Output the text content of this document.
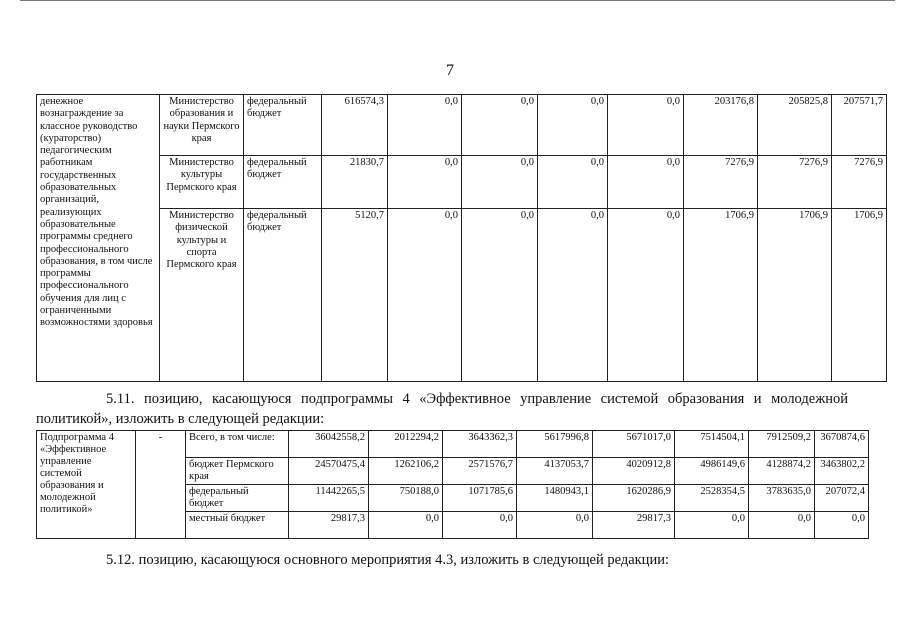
7
денежное вознаграждение за классное руководство (кураторство) педагогическим работникам государственных образовательных организаций, реализующих образовательные программы среднего профессионального образования, в том числе программы профессионального обучения для лиц с ограниченными возможностями здоровья	Министерство образования и науки Пермского края	федеральный бюджет	616574,3	0,0	0,0	0,0	0,0	203176,8	205825,8	207571,7
	Министерство культуры Пермского края	федеральный бюджет	21830,7	0,0	0,0	0,0	0,0	7276,9	7276,9	7276,9
	Министерство физической культуры и спорта Пермского края	федеральный бюджет	5120,7	0,0	0,0	0,0	0,0	1706,9	1706,9	1706,9
5.11. позицию, касающуюся подпрограммы 4 «Эффективное управление системой образования и молодежной политикой», изложить в следующей редакции:
Подпрограмма 4 «Эффективное управление системой образования и молодежной политикой»	-	Всего, в том числе:	36042558,2	2012294,2	3643362,3	5617996,8	5671017,0	7514504,1	7912509,2	3670874,6
		бюджет Пермского края	24570475,4	1262106,2	2571576,7	4137053,7	4020912,8	4986149,6	4128874,2	3463802,2
		федеральный бюджет	11442265,5	750188,0	1071785,6	1480943,1	1620286,9	2528354,5	3783635,0	207072,4
		местный бюджет	29817,3	0,0	0,0	0,0	29817,3	0,0	0,0	0,0
5.12. позицию, касающуюся основного мероприятия 4.3, изложить в следующей редакции:
